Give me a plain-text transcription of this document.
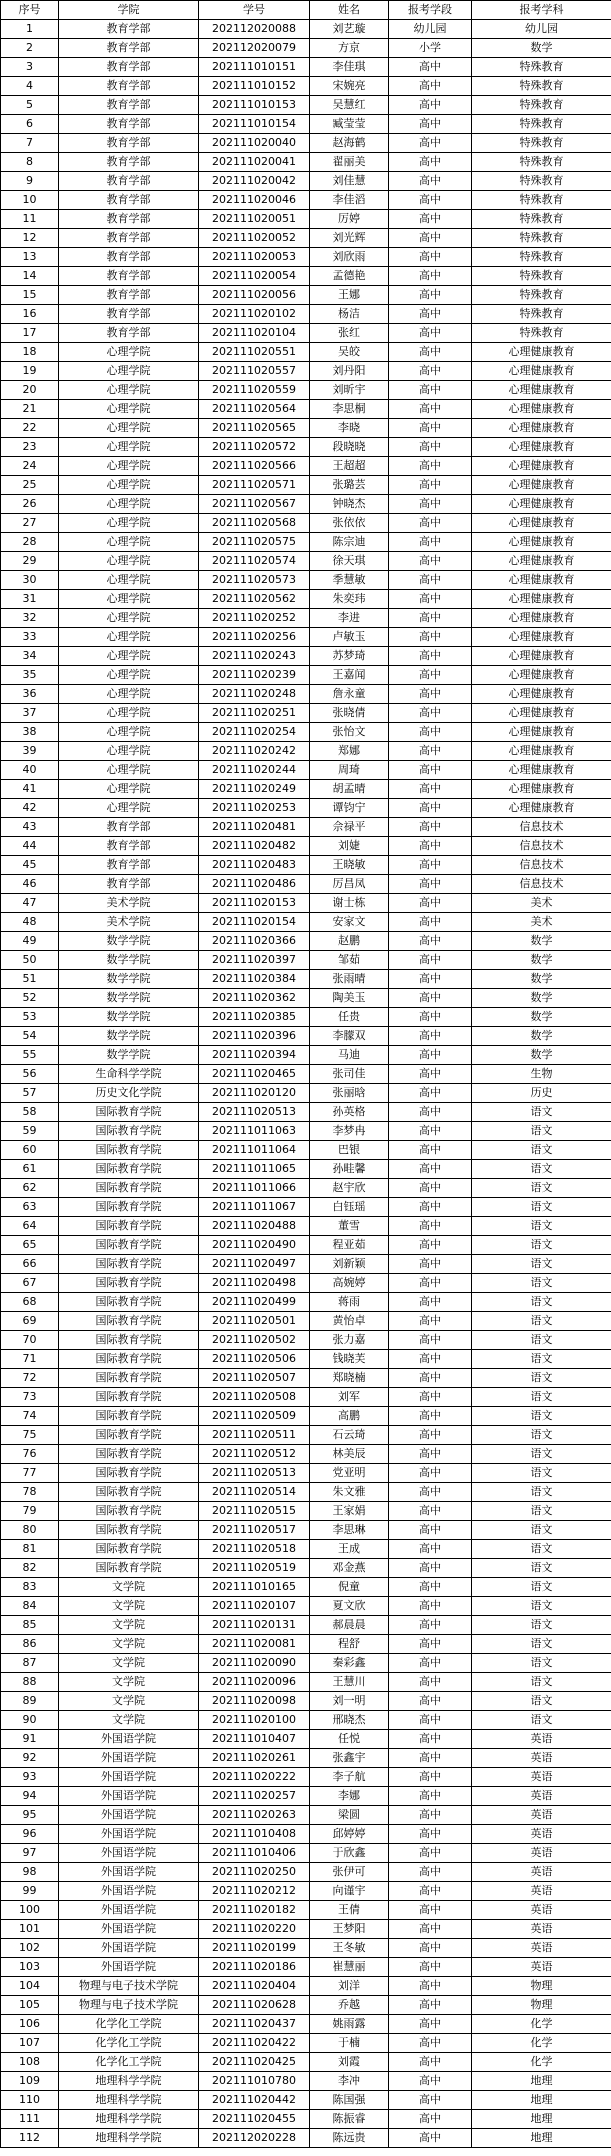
序号	学院	学号	姓名	报考学段	报考学科
1	教育学部	202112020088	刘艺璇	幼儿园	幼儿园
2	教育学部	202112020079	方京	小学	数学
3	教育学部	202111010151	李佳琪	高中	特殊教育
4	教育学部	202111010152	宋婉亮	高中	特殊教育
5	教育学部	202111010153	吴慧红	高中	特殊教育
6	教育学部	202111010154	臧莹莹	高中	特殊教育
7	教育学部	202111020040	赵海鹤	高中	特殊教育
8	教育学部	202111020041	翟丽美	高中	特殊教育
9	教育学部	202111020042	刘佳慧	高中	特殊教育
10	教育学部	202111020046	李佳滔	高中	特殊教育
11	教育学部	202111020051	厉婷	高中	特殊教育
12	教育学部	202111020052	刘光辉	高中	特殊教育
13	教育学部	202111020053	刘欣雨	高中	特殊教育
14	教育学部	202111020054	孟德艳	高中	特殊教育
15	教育学部	202111020056	王娜	高中	特殊教育
16	教育学部	202111020102	杨洁	高中	特殊教育
17	教育学部	202111020104	张红	高中	特殊教育
18	心理学院	202111020551	吴皎	高中	心理健康教育
19	心理学院	202111020557	刘丹阳	高中	心理健康教育
20	心理学院	202111020559	刘昕宇	高中	心理健康教育
21	心理学院	202111020564	李思桐	高中	心理健康教育
22	心理学院	202111020565	李晓	高中	心理健康教育
23	心理学院	202111020572	段晓晓	高中	心理健康教育
24	心理学院	202111020566	王超超	高中	心理健康教育
25	心理学院	202111020571	张璐芸	高中	心理健康教育
26	心理学院	202111020567	钟晓杰	高中	心理健康教育
27	心理学院	202111020568	张依依	高中	心理健康教育
28	心理学院	202111020575	陈宗迪	高中	心理健康教育
29	心理学院	202111020574	徐天琪	高中	心理健康教育
30	心理学院	202111020573	季慧敏	高中	心理健康教育
31	心理学院	202111020562	朱奕玮	高中	心理健康教育
32	心理学院	202111020252	李进	高中	心理健康教育
33	心理学院	202111020256	卢敏玉	高中	心理健康教育
34	心理学院	202111020243	苏梦琦	高中	心理健康教育
35	心理学院	202111020239	王嘉闻	高中	心理健康教育
36	心理学院	202111020248	詹永童	高中	心理健康教育
37	心理学院	202111020251	张晓倩	高中	心理健康教育
38	心理学院	202111020254	张怡文	高中	心理健康教育
39	心理学院	202111020242	郑娜	高中	心理健康教育
40	心理学院	202111020244	周琦	高中	心理健康教育
41	心理学院	202111020249	胡孟晴	高中	心理健康教育
42	心理学院	202111020253	谭钧宁	高中	心理健康教育
43	教育学部	202111020481	佘禄平	高中	信息技术
44	教育学部	202111020482	刘婕	高中	信息技术
45	教育学部	202111020483	王晓敏	高中	信息技术
46	教育学部	202111020486	厉昌凤	高中	信息技术
47	美术学院	202111020153	谢士栋	高中	美术
48	美术学院	202111020154	安家文	高中	美术
49	数学学院	202111020366	赵鹏	高中	数学
50	数学学院	202111020397	邹茹	高中	数学
51	数学学院	202111020384	张雨晴	高中	数学
52	数学学院	202111020362	陶美玉	高中	数学
53	数学学院	202111020385	任贵	高中	数学
54	数学学院	202111020396	李朦双	高中	数学
55	数学学院	202111020394	马迪	高中	数学
56	生命科学学院	202111020465	张司佳	高中	生物
57	历史文化学院	202111020120	张丽晗	高中	历史
58	国际教育学院	202111020513	孙英格	高中	语文
59	国际教育学院	202111011063	李梦冉	高中	语文
60	国际教育学院	202111011064	巴银	高中	语文
61	国际教育学院	202111011065	孙畦馨	高中	语文
62	国际教育学院	202111011066	赵宇欣	高中	语文
63	国际教育学院	202111011067	白钰瑶	高中	语文
64	国际教育学院	202111020488	董雪	高中	语文
65	国际教育学院	202111020490	程亚茹	高中	语文
66	国际教育学院	202111020497	刘新颖	高中	语文
67	国际教育学院	202111020498	高婉婷	高中	语文
68	国际教育学院	202111020499	蒋雨	高中	语文
69	国际教育学院	202111020501	黄怡卓	高中	语文
70	国际教育学院	202111020502	张力嘉	高中	语文
71	国际教育学院	202111020506	钱晓芙	高中	语文
72	国际教育学院	202111020507	郑晓楠	高中	语文
73	国际教育学院	202111020508	刘军	高中	语文
74	国际教育学院	202111020509	高鹏	高中	语文
75	国际教育学院	202111020511	石云琦	高中	语文
76	国际教育学院	202111020512	林美辰	高中	语文
77	国际教育学院	202111020513	党亚明	高中	语文
78	国际教育学院	202111020514	朱文雅	高中	语文
79	国际教育学院	202111020515	王家娟	高中	语文
80	国际教育学院	202111020517	李思琳	高中	语文
81	国际教育学院	202111020518	王成	高中	语文
82	国际教育学院	202111020519	邓金燕	高中	语文
83	文学院	202111010165	倪童	高中	语文
84	文学院	202111020107	夏文欣	高中	语文
85	文学院	202111020131	郝晨晨	高中	语文
86	文学院	202111020081	程舒	高中	语文
87	文学院	202111020090	秦彩鑫	高中	语文
88	文学院	202111020096	王慧川	高中	语文
89	文学院	202111020098	刘一明	高中	语文
90	文学院	202111020100	邢晓杰	高中	语文
91	外国语学院	202111010407	任悦	高中	英语
92	外国语学院	202111020261	张鑫宇	高中	英语
93	外国语学院	202111020222	李子航	高中	英语
94	外国语学院	202111020257	李娜	高中	英语
95	外国语学院	202111020263	梁圆	高中	英语
96	外国语学院	202111010408	邱婷婷	高中	英语
97	外国语学院	202111010406	于欣鑫	高中	英语
98	外国语学院	202111020250	张伊可	高中	英语
99	外国语学院	202111020212	向谨宇	高中	英语
100	外国语学院	202111020182	王倩	高中	英语
101	外国语学院	202111020220	王梦阳	高中	英语
102	外国语学院	202111020199	王冬敏	高中	英语
103	外国语学院	202111020186	崔慧丽	高中	英语
104	物理与电子技术学院	202111020404	刘洋	高中	物理
105	物理与电子技术学院	202111020628	乔越	高中	物理
106	化学化工学院	202111020437	姚雨露	高中	化学
107	化学化工学院	202111020422	于楠	高中	化学
108	化学化工学院	202111020425	刘霞	高中	化学
109	地理科学学院	202111010780	李冲	高中	地理
110	地理科学学院	202111020442	陈国强	高中	地理
111	地理科学学院	202111020455	陈振睿	高中	地理
112	地理科学学院	202112020228	陈远贵	高中	地理
